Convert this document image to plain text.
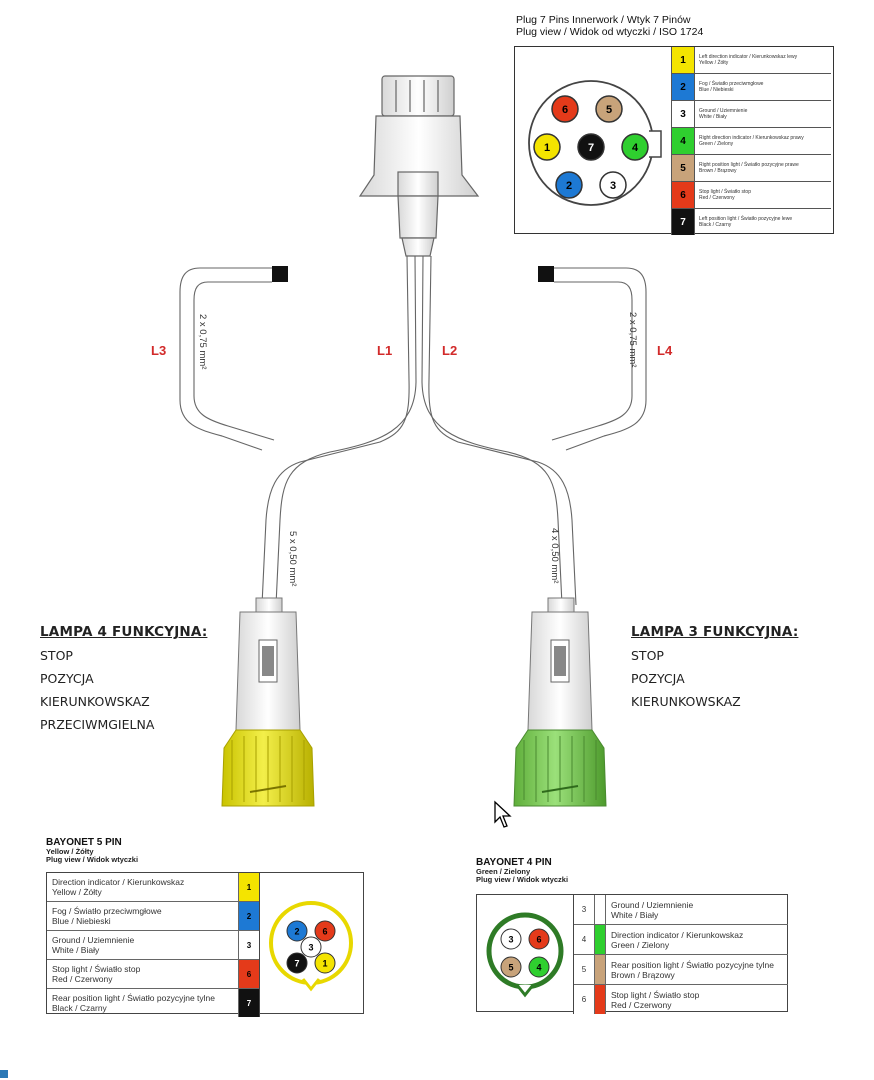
Plug 7 Pins Innerwork / Wtyk 7 Pinów
Plug view / Widok od wtyczki / ISO 1724
1
2	3
4
5
6
7
1	Left direction indicator / Kierunkowskaz lewy
Yellow / Żółty
2	Fog / Światło przeciwmgłowe
Blue / Niebieski
3	Ground / Uziemnienie
White / Biały
4	Right direction indicator / Kierunkowskaz prawy
Green / Zielony
5	Right position light / Światło pozycyjne prawe
Brown / Brązowy
6	Stop light / Światło stop
Red / Czerwony
7	Left position light / Światło pozycyjne lewe
Black / Czarny
L3	L1	L2	L4
2 x 0,75 mm²	2 x 0,75 mm²
5 x 0,50 mm²	4 x 0,50 mm²
LAMPA 4 FUNKCYJNA:
STOP
POZYCJA
KIERUNKOWSKAZ
PRZECIWMGIELNA
LAMPA 3 FUNKCYJNA:
STOP
POZYCJA
KIERUNKOWSKAZ
BAYONET 5 PIN
Yellow / Żółty
Plug view / Widok wtyczki
Direction indicator / Kierunkowskaz
Yellow / Żółty	1
Fog / Światło przeciwmgłowe
Blue / Niebieski	2
Ground / Uziemnienie
White / Biały	3
Stop light / Światło stop
Red / Czerwony	6
Rear position light / Światło pozycyjne tylne
Black / Czarny	7
1
2
3
6
7
BAYONET 4 PIN
Green / Zielony
Plug view / Widok wtyczki
3
4
5
6
3	Ground / Uziemnienie
White / Biały
4	Direction indicator / Kierunkowskaz
Green / Zielony
5	Rear position light / Światło pozycyjne tylne
Brown / Brązowy
6	Stop light / Światło stop
Red / Czerwony
